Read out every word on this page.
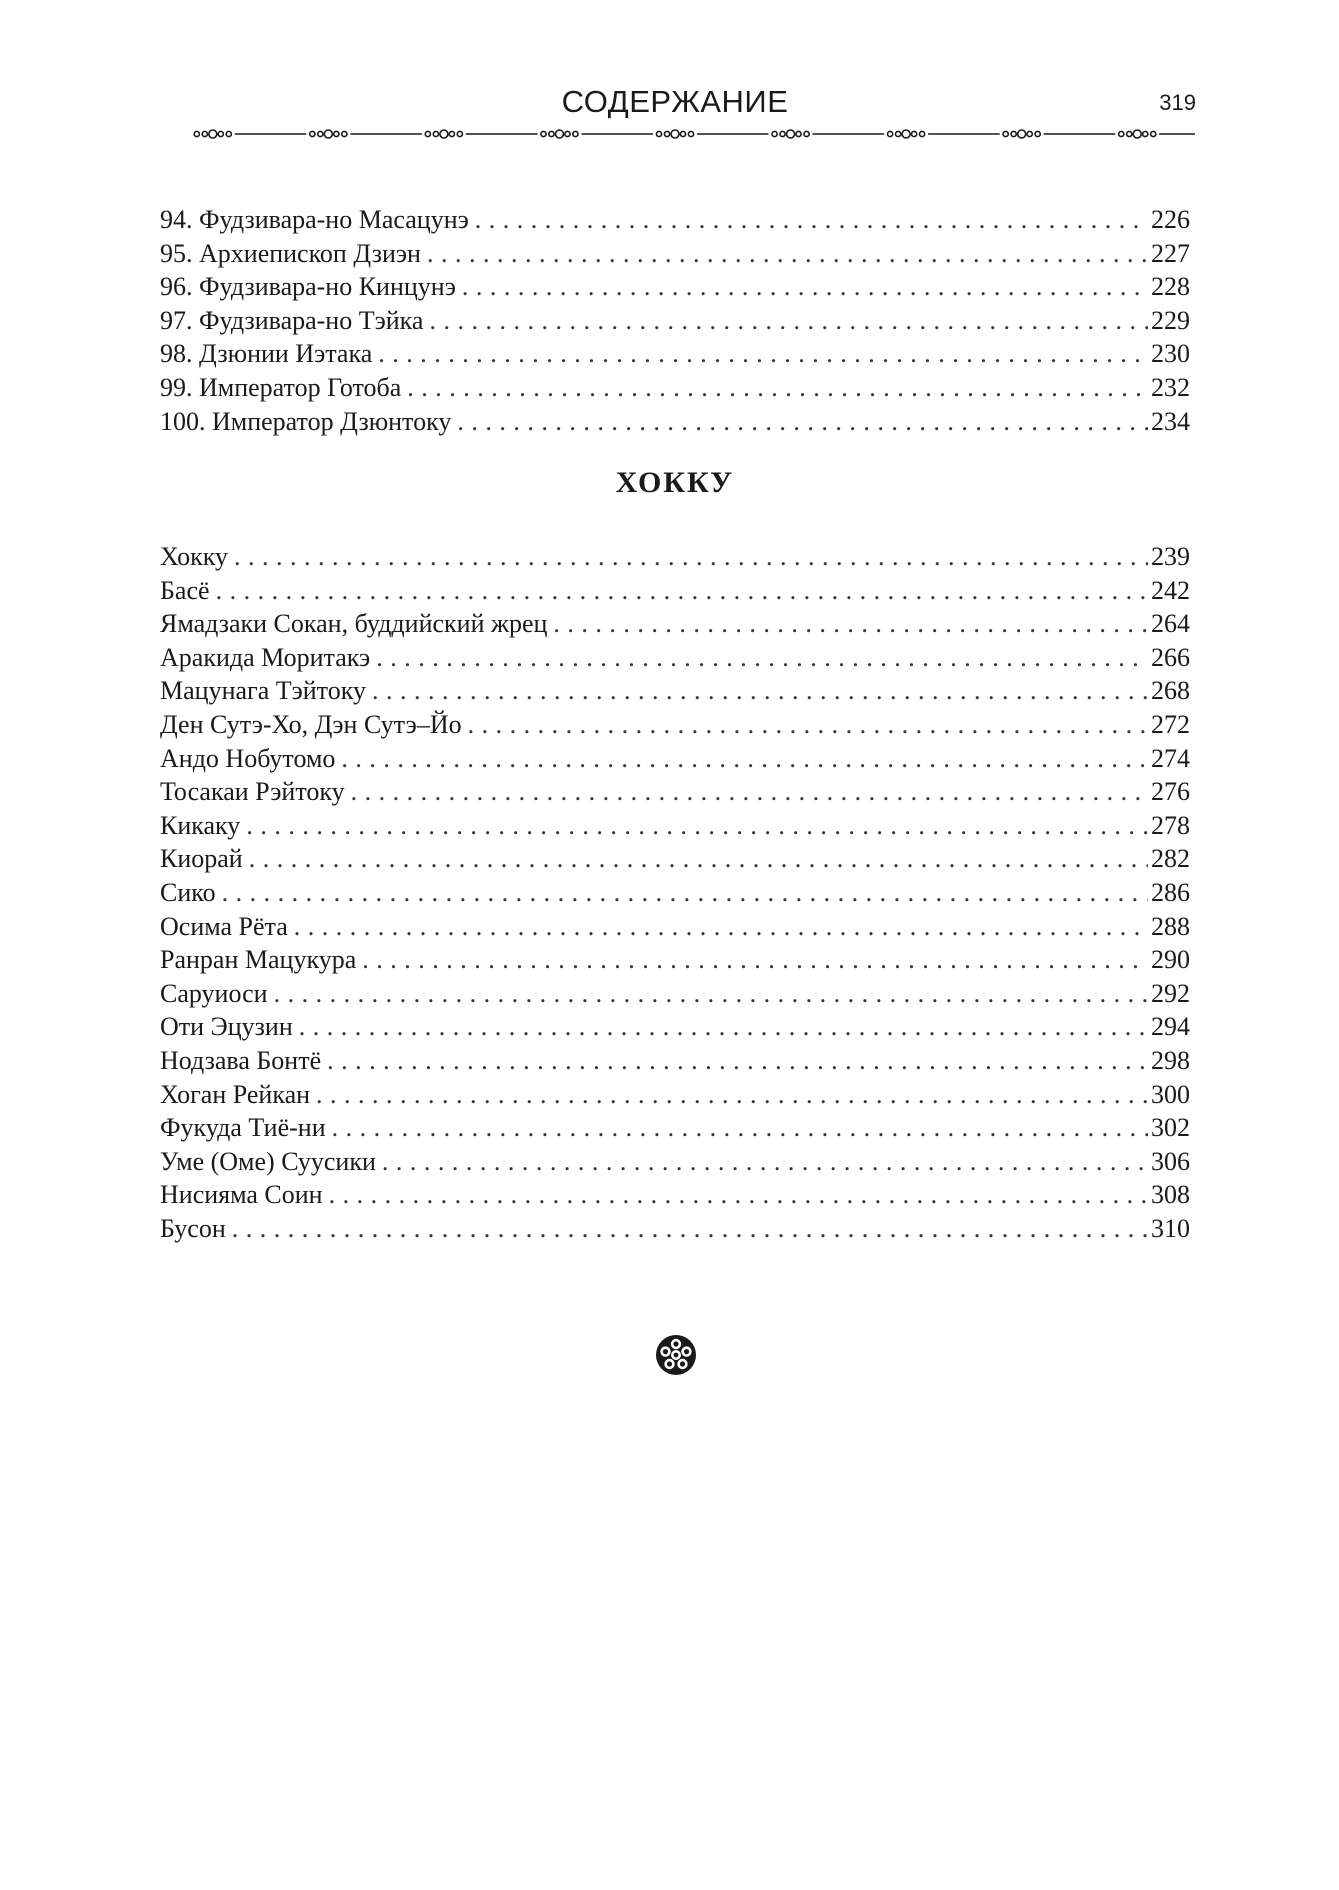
СОДЕРЖАНИЕ	319
94. Фудзивара-но Масацунэ . . .	226
95. Архиепископ Дзиэн . . .	227
96. Фудзивара-но Кинцунэ . . .	228
97. Фудзивара-но Тэйка . . .	229
98. Дзюнии Иэтака . . .	230
99. Император Готоба . . .	232
100. Император Дзюнтоку . . .	234
ХОККУ
Хокку . . .	239
Басё . . .	242
Ямадзаки Сокан, буддийский жрец . . .	264
Аракида Моритакэ . . .	266
Мацунага Тэйтоку . . .	268
Ден Сутэ-Хо, Дэн Сутэ–Йо . . .	272
Андо Нобутомо . . .	274
Тосакаи Рэйтоку . . .	276
Кикаку . . .	278
Киорай . . .	282
Сико . . .	286
Осима Рёта . . .	288
Ранран Мацукура . . .	290
Саруиоси . . .	292
Оти Эцузин . . .	294
Нодзава Бонтё . . .	298
Хоган Рейкан . . .	300
Фукуда Тиё-ни . . .	302
Уме (Оме) Суусики . . .	306
Нисияма Соин . . .	308
Бусон . . .	310
